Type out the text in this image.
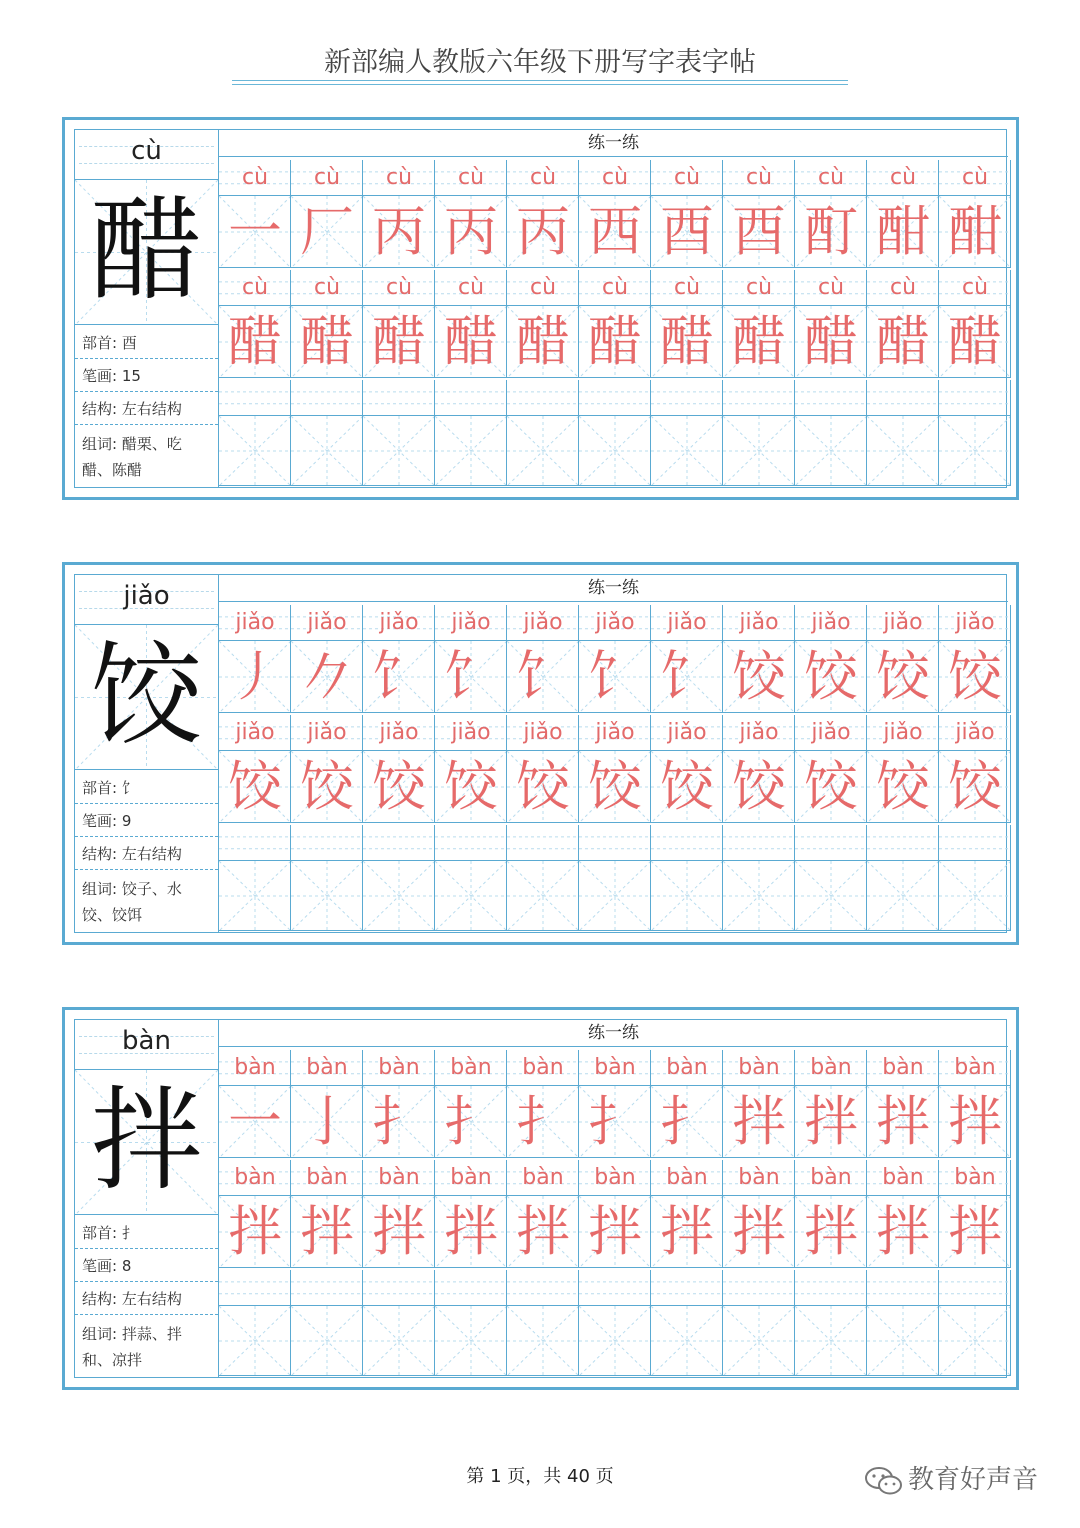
新部编人教版六年级下册写字表字帖
cù
醋
部首: 酉
笔画: 15
结构: 左右结构
组词: 醋栗、吃
醋、陈醋
练一练
cù	cù	cù	cù	cù	cù	cù	cù	cù	cù	cù
一 厂 丙 丙 丙 西 酉 酉 酊 酣 酣
cù	cù	cù	cù	cù	cù	cù	cù	cù	cù	cù
醋 醋 醋 醋 醋 醋 醋 醋 醋 醋 醋
jiǎo
饺
部首: 饣
笔画: 9
结构: 左右结构
组词: 饺子、水
饺、饺饵
练一练
jiǎo	jiǎo	jiǎo	jiǎo	jiǎo	jiǎo	jiǎo	jiǎo	jiǎo	jiǎo	jiǎo
丿 𠂊 饣 饣 饣 饣 饣 饺 饺 饺 饺
jiǎo	jiǎo	jiǎo	jiǎo	jiǎo	jiǎo	jiǎo	jiǎo	jiǎo	jiǎo	jiǎo
饺 饺 饺 饺 饺 饺 饺 饺 饺 饺 饺
bàn
拌
部首: 扌
笔画: 8
结构: 左右结构
组词: 拌蒜、拌
和、凉拌
练一练
bàn	bàn	bàn	bàn	bàn	bàn	bàn	bàn	bàn	bàn	bàn
一 亅 扌 扌 扌 扌 扌 拌 拌 拌 拌
bàn	bàn	bàn	bàn	bàn	bàn	bàn	bàn	bàn	bàn	bàn
拌 拌 拌 拌 拌 拌 拌 拌 拌 拌 拌
第 1 页，共 40 页	教育好声音
